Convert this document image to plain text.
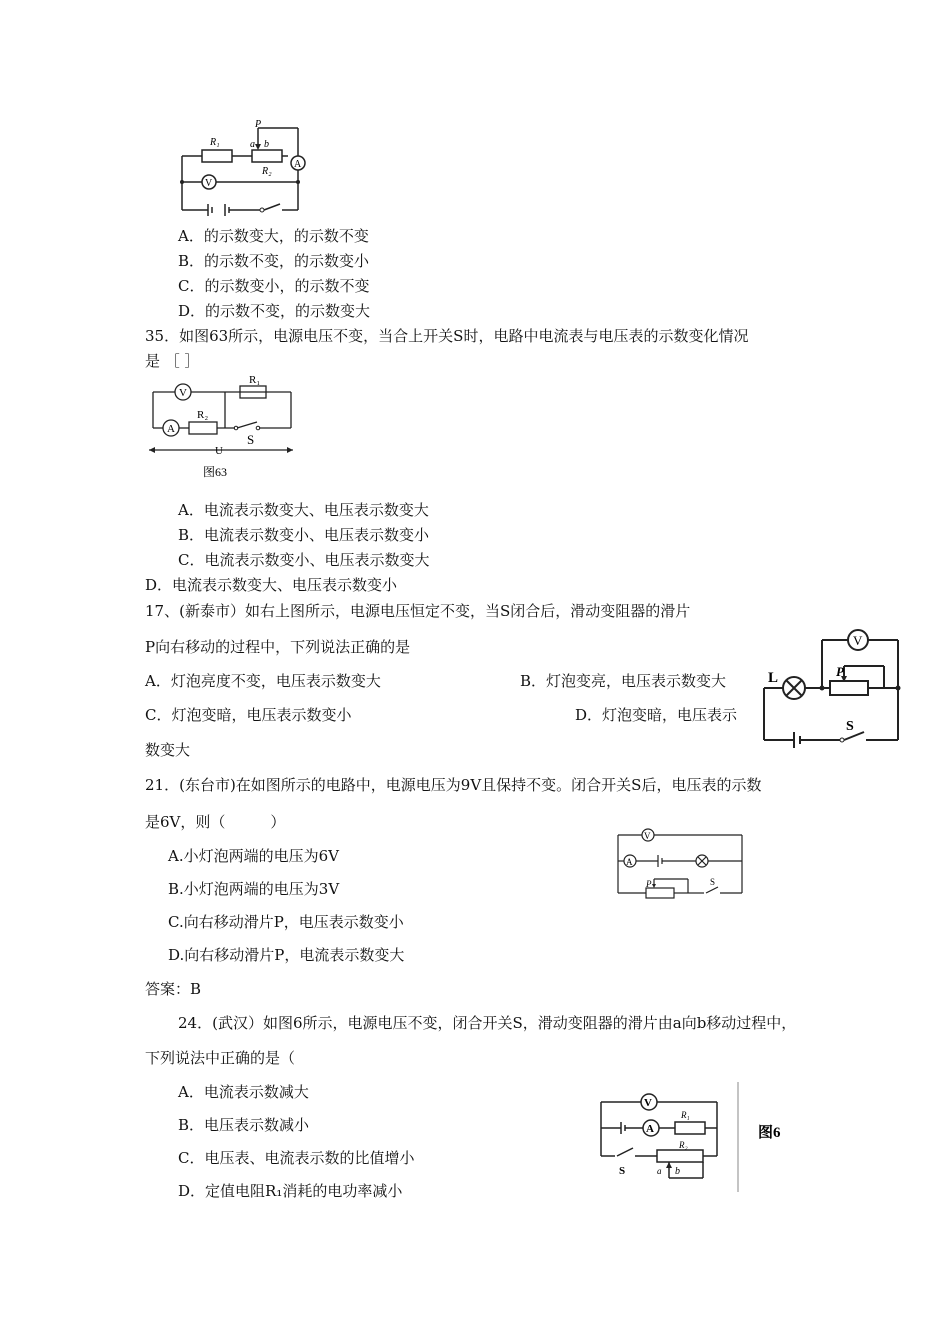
R₁
P
a b
R₂
A
V
A．的示数变大，的示数不变
B．的示数不变，的示数变小
C．的示数变小，的示数不变
D．的示数不变，的示数变大
35．如图63所示，电源电压不变，当合上开关S时，电路中电流表与电压表的示数变化情况
是 ［ ］
V
A
R₁
R₂
S
U
图63
A．电流表示数变大、电压表示数变大
B．电流表示数变小、电压表示数变小
C．电流表示数变小、电压表示数变大
D．电流表示数变大、电压表示数变小
17、(新泰市）如右上图所示，电源电压恒定不变，当S闭合后，滑动变阻器的滑片
P向右移动的过程中，下列说法正确的是
A．灯泡亮度不变，电压表示数变大	B．灯泡变亮，电压表示数变大
C．灯泡变暗，电压表示数变小	D．灯泡变暗，电压表示
数变大
V
L	P
S
21．(东台市)在如图所示的电路中，电源电压为9V且保持不变。闭合开关S后，电压表的示数
是6V，则（　　　）
A.小灯泡两端的电压为6V
B.小灯泡两端的电压为3V
C.向右移动滑片P，电压表示数变小
D.向右移动滑片P，电流表示数变大
答案：B
V
A
P	S
24．(武汉）如图6所示，电源电压不变，闭合开关S，滑动变阻器的滑片由a向b移动过程中，
下列说法中正确的是（
A．电流表示数减大
B．电压表示数减小
C．电压表、电流表示数的比值增小
D．定值电阻R₁消耗的电功率减小
V
A
R₁
R₂
S	a b
图6
